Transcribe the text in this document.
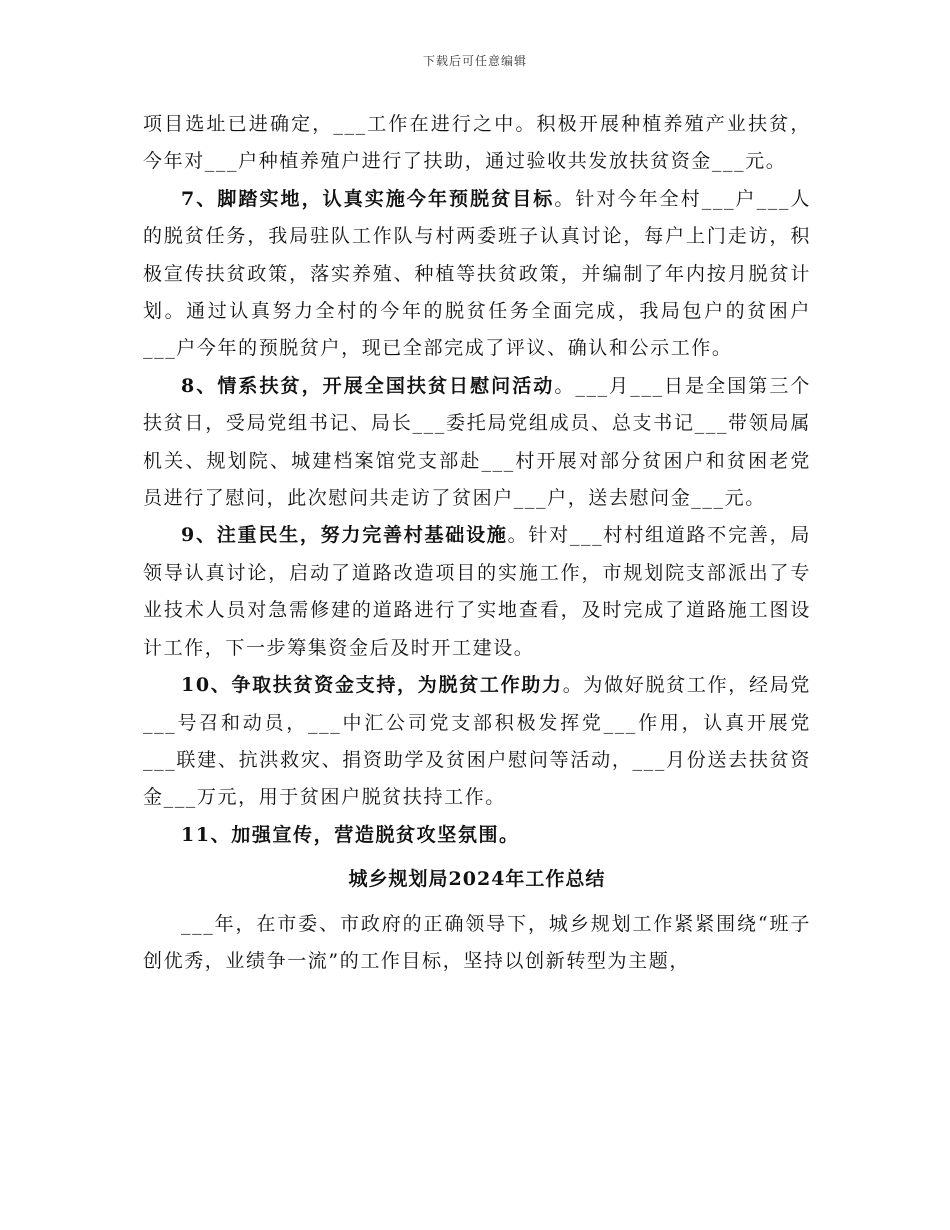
下载后可任意编辑

项目选址已进确定，___工作在进行之中。积极开展种植养殖产业扶贫，今年对___户种植养殖户进行了扶助，通过验收共发放扶贫资金___元。

7、脚踏实地，认真实施今年预脱贫目标。针对今年全村___户___人的脱贫任务，我局驻队工作队与村两委班子认真讨论，每户上门走访，积极宣传扶贫政策，落实养殖、种植等扶贫政策，并编制了年内按月脱贫计划。通过认真努力全村的今年的脱贫任务全面完成，我局包户的贫困户___户今年的预脱贫户，现已全部完成了评议、确认和公示工作。

8、情系扶贫，开展全国扶贫日慰问活动。___月___日是全国第三个扶贫日，受局党组书记、局长___委托局党组成员、总支书记___带领局属机关、规划院、城建档案馆党支部赴___村开展对部分贫困户和贫困老党员进行了慰问，此次慰问共走访了贫困户___户，送去慰问金___元。

9、注重民生，努力完善村基础设施。针对___村村组道路不完善，局领导认真讨论，启动了道路改造项目的实施工作，市规划院支部派出了专业技术人员对急需修建的道路进行了实地查看，及时完成了道路施工图设计工作，下一步筹集资金后及时开工建设。

10、争取扶贫资金支持，为脱贫工作助力。为做好脱贫工作，经局党___号召和动员，___中汇公司党支部积极发挥党___作用，认真开展党___联建、抗洪救灾、捐资助学及贫困户慰问等活动，___月份送去扶贫资金___万元，用于贫困户脱贫扶持工作。

11、加强宣传，营造脱贫攻坚氛围。

城乡规划局2024年工作总结

___年，在市委、市政府的正确领导下，城乡规划工作紧紧围绕“班子创优秀，业绩争一流”的工作目标，坚持以创新转型为主题，
